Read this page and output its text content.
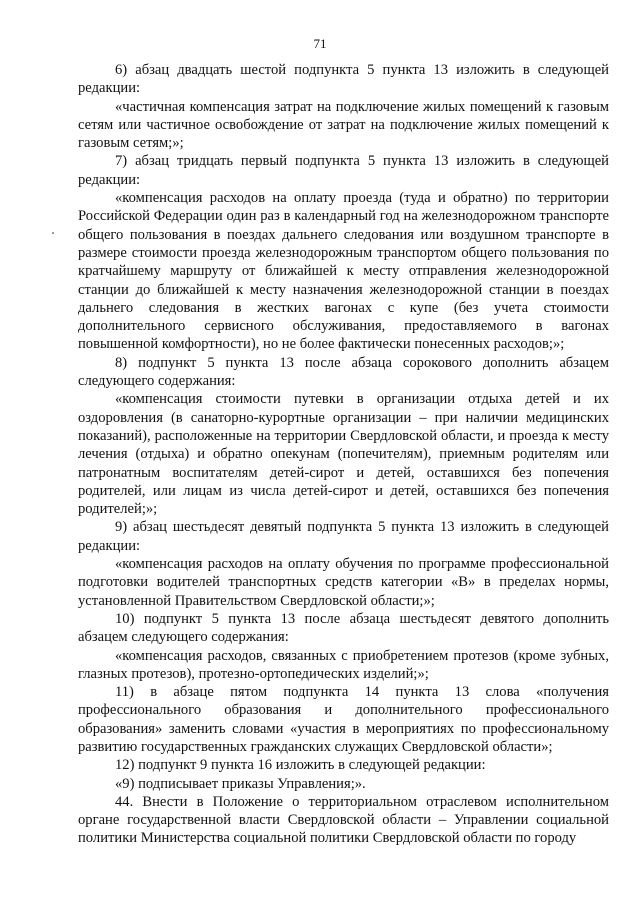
71

6) абзац двадцать шестой подпункта 5 пункта 13 изложить в следующей редакции:

«частичная компенсация затрат на подключение жилых помещений к газовым сетям или частичное освобождение от затрат на подключение жилых помещений к газовым сетям;»;

7) абзац тридцать первый подпункта 5 пункта 13 изложить в следующей редакции:

«компенсация расходов на оплату проезда (туда и обратно) по территории Российской Федерации один раз в календарный год на железнодорожном транспорте общего пользования в поездах дальнего следования или воздушном транспорте в размере стоимости проезда железнодорожным транспортом общего пользования по кратчайшему маршруту от ближайшей к месту отправления железнодорожной станции до ближайшей к месту назначения железнодорожной станции в поездах дальнего следования в жестких вагонах с купе (без учета стоимости дополнительного сервисного обслуживания, предоставляемого в вагонах повышенной комфортности), но не более фактически понесенных расходов;»;

8) подпункт 5 пункта 13 после абзаца сорокового дополнить абзацем следующего содержания:

«компенсация стоимости путевки в организации отдыха детей и их оздоровления (в санаторно-курортные организации – при наличии медицинских показаний), расположенные на территории Свердловской области, и проезда к месту лечения (отдыха) и обратно опекунам (попечителям), приемным родителям или патронатным воспитателям детей-сирот и детей, оставшихся без попечения родителей, или лицам из числа детей-сирот и детей, оставшихся без попечения родителей;»;

9) абзац шестьдесят девятый подпункта 5 пункта 13 изложить в следующей редакции:

«компенсация расходов на оплату обучения по программе профессиональной подготовки водителей транспортных средств категории «В» в пределах нормы, установленной Правительством Свердловской области;»;

10) подпункт 5 пункта 13 после абзаца шестьдесят девятого дополнить абзацем следующего содержания:

«компенсация расходов, связанных с приобретением протезов (кроме зубных, глазных протезов), протезно-ортопедических изделий;»;

11) в абзаце пятом подпункта 14 пункта 13 слова «получения профессионального образования и дополнительного профессионального образования» заменить словами «участия в мероприятиях по профессиональному развитию государственных гражданских служащих Свердловской области»;

12) подпункт 9 пункта 16 изложить в следующей редакции:

«9) подписывает приказы Управления;».

44. Внести в Положение о территориальном отраслевом исполнительном органе государственной власти Свердловской области – Управлении социальной политики Министерства социальной политики Свердловской области по городу
